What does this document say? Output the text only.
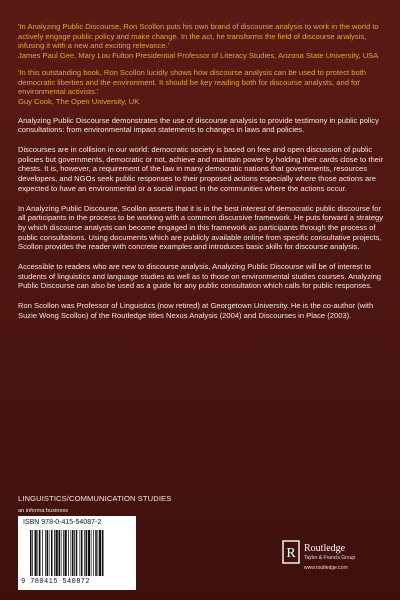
'In Analyzing Public Discourse, Ron Scollon puts his own brand of discourse analysis to work in the world to actively engage public policy and make change. In the act, he transforms the field of discourse analysis, infusing it with a new and exciting relevance.'
James Paul Gee, Mary Lou Fulton Presidential Professor of Literacy Studies, Arizona State University, USA
'In this outstanding book, Ron Scollon lucidly shows how discourse analysis can be used to protect both democratic liberties and the environment. It should be key reading both for discourse analysts, and for environmental activists.'
Guy Cook, The Open University, UK

Analyzing Public Discourse demonstrates the use of discourse analysis to provide testimony in public policy consultations: from environmental impact statements to changes in laws and policies.

Discourses are in collision in our world: democratic society is based on free and open discussion of public policies but governments, democratic or not, achieve and maintain power by holding their cards close to their chests. It is, however, a requirement of the law in many democratic nations that governments, resources developers, and NGOs seek public responses to their proposed actions especially where those actions are expected to have an environmental or a social impact in the communities where the actions occur.

In Analyzing Public Discourse, Scollon asserts that it is in the best interest of democratic public discourse for all participants in the process to be working with a common discursive framework. He puts forward a strategy by which discourse analysts can become engaged in this framework as participants through the process of public consultations. Using documents which are publicly available online from specific consultative projects, Scollon provides the reader with concrete examples and introduces basic skills for discourse analysis.

Accessible to readers who are new to discourse analysis, Analyzing Public Discourse will be of interest to students of linguistics and language studies as well as to those on environmental studies courses. Analyzing Public Discourse can also be used as a guide for any public consultation which calls for public responses.

Ron Scollon was Professor of Linguistics (now retired) at Georgetown University. He is the co-author (with Suzie Wong Scollon) of the Routledge titles Nexus Analysis (2004) and Discourses in Place (2003).

LINGUISTICS/COMMUNICATION STUDIES
an informa business
ISBN 978-0-415-54087-2
9 780415 540872
R Routledge
Taylor & Francis Group
www.routledge.com
